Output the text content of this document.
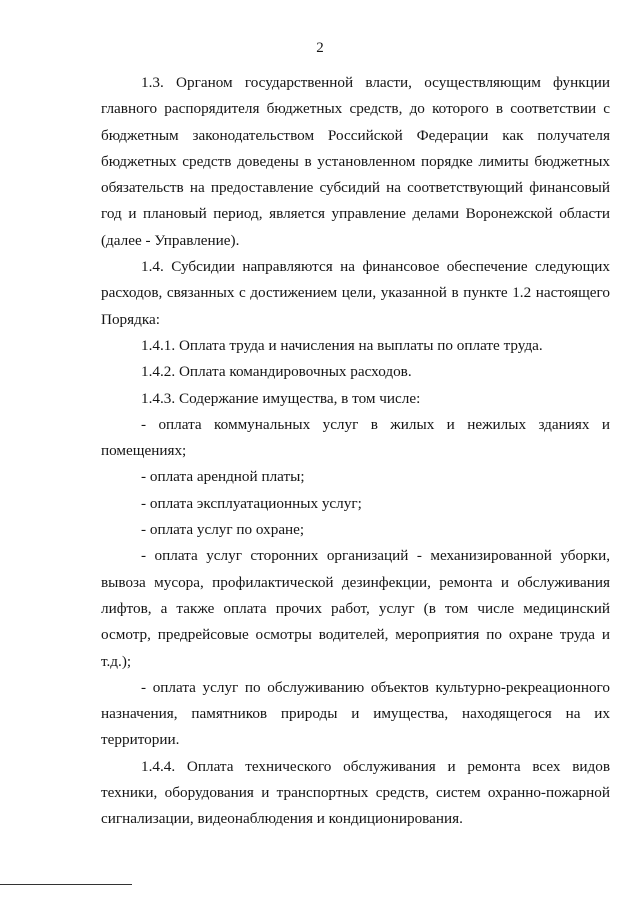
2

1.3. Органом государственной власти, осуществляющим функции главного распорядителя бюджетных средств, до которого в соответствии с бюджетным законодательством Российской Федерации как получателя бюджетных средств доведены в установленном порядке лимиты бюджетных обязательств на предоставление субсидий на соответствующий финансовый год и плановый период, является управление делами Воронежской области (далее - Управление).

1.4. Субсидии направляются на финансовое обеспечение следующих расходов, связанных с достижением цели, указанной в пункте 1.2 настоящего Порядка:

1.4.1. Оплата труда и начисления на выплаты по оплате труда.

1.4.2. Оплата командировочных расходов.

1.4.3. Содержание имущества, в том числе:

- оплата коммунальных услуг в жилых и нежилых зданиях и помещениях;

- оплата арендной платы;

- оплата эксплуатационных услуг;

- оплата услуг по охране;

- оплата услуг сторонних организаций - механизированной уборки, вывоза мусора, профилактической дезинфекции, ремонта и обслуживания лифтов, а также оплата прочих работ, услуг (в том числе медицинский осмотр, предрейсовые осмотры водителей, мероприятия по охране труда и т.д.);

- оплата услуг по обслуживанию объектов культурно-рекреационного назначения, памятников природы и имущества, находящегося на их территории.

1.4.4. Оплата технического обслуживания и ремонта всех видов техники, оборудования и транспортных средств, систем охранно-пожарной сигнализации, видеонаблюдения и кондиционирования.
